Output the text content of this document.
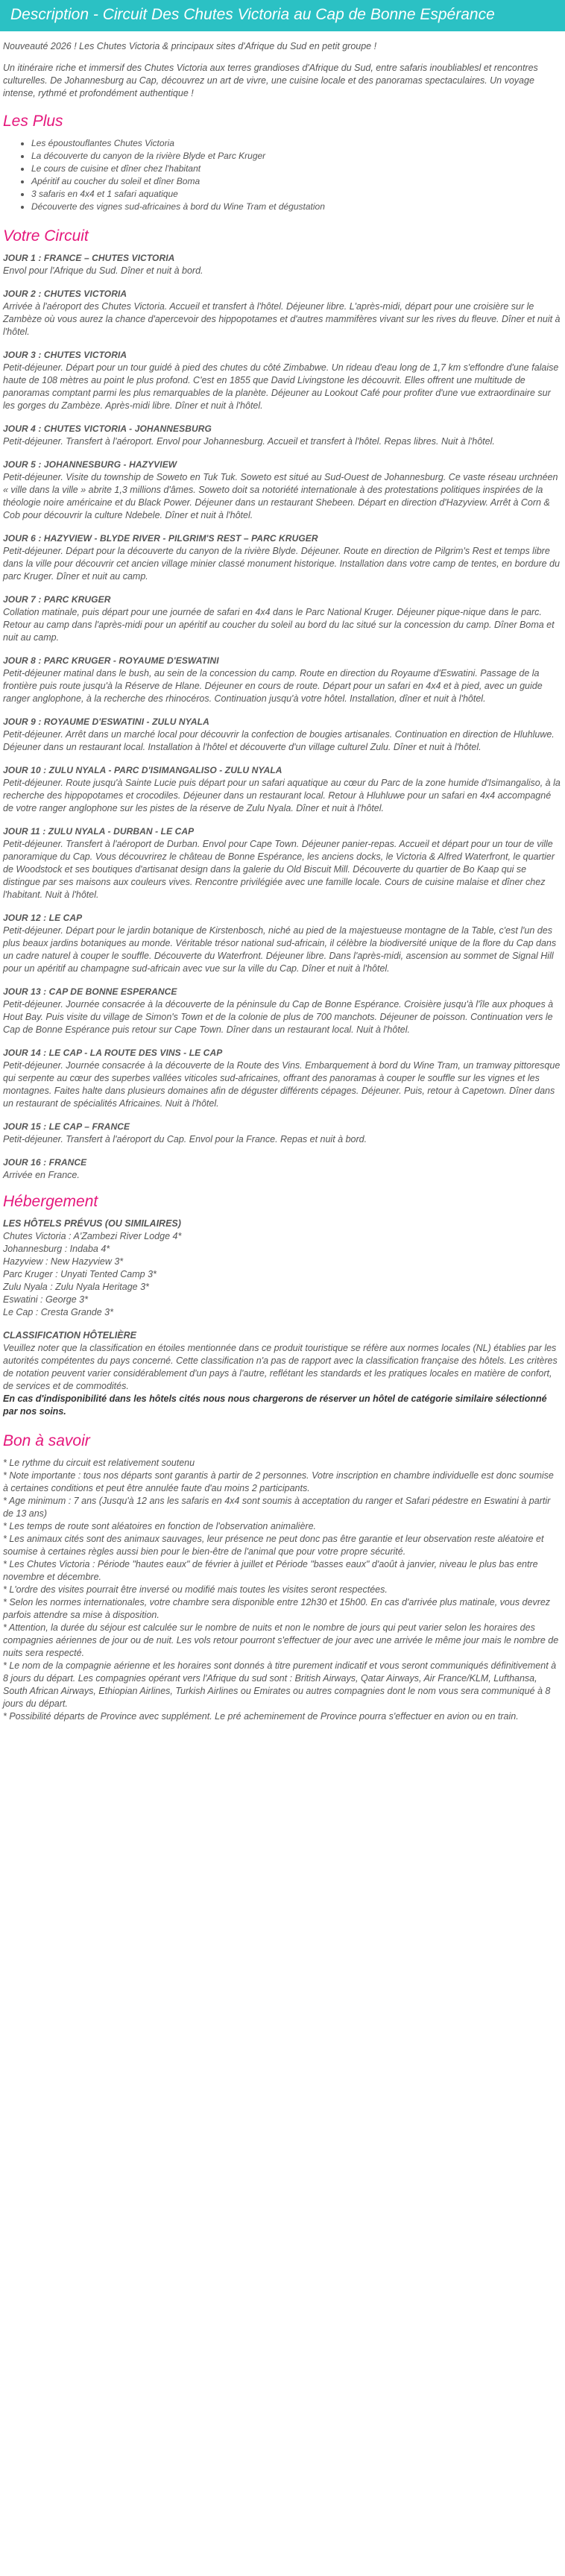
Description - Circuit Des Chutes Victoria au Cap de Bonne Espérance

Nouveauté 2026 ! Les Chutes Victoria & principaux sites d'Afrique du Sud en petit groupe !

Un itinéraire riche et immersif des Chutes Victoria aux terres grandioses d'Afrique du Sud, entre safaris inoubliablesl et rencontres culturelles. De Johannesburg au Cap, découvrez un art de vivre, une cuisine locale et des panoramas spectaculaires. Un voyage intense, rythmé et profondément authentique !

Les Plus
• Les époustouflantes Chutes Victoria
• La découverte du canyon de la rivière Blyde et Parc Kruger
• Le cours de cuisine et dîner chez l'habitant
• Apéritif au coucher du soleil et dîner Boma
• 3 safaris en 4x4 et 1 safari aquatique
• Découverte des vignes sud-africaines à bord du Wine Tram et dégustation
Votre Circuit

JOUR 1 : FRANCE – CHUTES VICTORIA

Envol pour l'Afrique du Sud. Dîner et nuit à bord.

JOUR 2 : CHUTES VICTORIA

Arrivée à l'aéroport des Chutes Victoria. Accueil et transfert à l'hôtel. Déjeuner libre. L'après-midi, départ pour une croisière sur le Zambèze où vous aurez la chance d'apercevoir des hippopotames et d'autres mammifères vivant sur les rives du fleuve. Dîner et nuit à l'hôtel.

JOUR 3 : CHUTES VICTORIA

Petit-déjeuner. Départ pour un tour guidé à pied des chutes du côté Zimbabwe. Un rideau d'eau long de 1,7 km s'effondre d'une falaise haute de 108 mètres au point le plus profond. C'est en 1855 que David Livingstone les découvrit. Elles offrent une multitude de panoramas comptant parmi les plus remarquables de la planète. Déjeuner au Lookout Café pour profiter d'une vue extraordinaire sur les gorges du Zambèze. Après-midi libre. Dîner et nuit à l'hôtel.

JOUR 4 : CHUTES VICTORIA - JOHANNESBURG

Petit-déjeuner. Transfert à l'aéroport. Envol pour Johannesburg. Accueil et transfert à l'hôtel. Repas libres. Nuit à l'hôtel.

JOUR 5 : JOHANNESBURG - HAZYVIEW

Petit-déjeuner. Visite du township de Soweto en Tuk Tuk. Soweto est situé au Sud-Ouest de Johannesburg. Ce vaste réseau urchnéen « ville dans la ville » abrite 1,3 millions d'âmes. Soweto doit sa notoriété internationale à des protestations politiques inspirées de la théologie noire américaine et du Black Power. Déjeuner dans un restaurant Shebeen. Départ en direction d'Hazyview. Arrêt à Corn & Cob pour découvrir la culture Ndebele. Dîner et nuit à l'hôtel.

JOUR 6 : HAZYVIEW - BLYDE RIVER - PILGRIM'S REST – PARC KRUGER

Petit-déjeuner. Départ pour la découverte du canyon de la rivière Blyde. Déjeuner. Route en direction de Pilgrim's Rest et temps libre dans la ville pour découvrir cet ancien village minier classé monument historique. Installation dans votre camp de tentes, en bordure du parc Kruger. Dîner et nuit au camp.

JOUR 7 : PARC KRUGER

Collation matinale, puis départ pour une journée de safari en 4x4 dans le Parc National Kruger. Déjeuner pique-nique dans le parc. Retour au camp dans l'après-midi pour un apéritif au coucher du soleil au bord du lac situé sur la concession du camp. Dîner Boma et nuit au camp.

JOUR 8 : PARC KRUGER - ROYAUME D'ESWATINI

Petit-déjeuner matinal dans le bush, au sein de la concession du camp. Route en direction du Royaume d'Eswatini. Passage de la frontière puis route jusqu'à la Réserve de Hlane. Déjeuner en cours de route. Départ pour un safari en 4x4 et à pied, avec un guide ranger anglophone, à la recherche des rhinocéros. Continuation jusqu'à votre hôtel. Installation, dîner et nuit à l'hôtel.

JOUR 9 : ROYAUME D'ESWATINI - ZULU NYALA

Petit-déjeuner. Arrêt dans un marché local pour découvrir la confection de bougies artisanales. Continuation en direction de Hluhluwe. Déjeuner dans un restaurant local. Installation à l'hôtel et découverte d'un village culturel Zulu. Dîner et nuit à l'hôtel.

JOUR 10 : ZULU NYALA - PARC D'ISIMANGALISO - ZULU NYALA

Petit-déjeuner. Route jusqu'à Sainte Lucie puis départ pour un safari aquatique au cœur du Parc de la zone humide d'Isimangaliso, à la recherche des hippopotames et crocodiles. Déjeuner dans un restaurant local. Retour à Hluhluwe pour un safari en 4x4 accompagné de votre ranger anglophone sur les pistes de la réserve de Zulu Nyala. Dîner et nuit à l'hôtel.

JOUR 11 : ZULU NYALA - DURBAN - LE CAP

Petit-déjeuner. Transfert à l'aéroport de Durban. Envol pour Cape Town. Déjeuner panier-repas. Accueil et départ pour un tour de ville panoramique du Cap. Vous découvrirez le château de Bonne Espérance, les anciens docks, le Victoria & Alfred Waterfront, le quartier de Woodstock et ses boutiques d'artisanat design dans la galerie du Old Biscuit Mill. Découverte du quartier de Bo Kaap qui se distingue par ses maisons aux couleurs vives. Rencontre privilégiée avec une famille locale. Cours de cuisine malaise et dîner chez l'habitant. Nuit à l'hôtel.

JOUR 12 : LE CAP

Petit-déjeuner. Départ pour le jardin botanique de Kirstenbosch, niché au pied de la majestueuse montagne de la Table, c'est l'un des plus beaux jardins botaniques au monde. Véritable trésor national sud-africain, il célèbre la biodiversité unique de la flore du Cap dans un cadre naturel à couper le souffle. Découverte du Waterfront. Déjeuner libre. Dans l'après-midi, ascension au sommet de Signal Hill pour un apéritif au champagne sud-africain avec vue sur la ville du Cap. Dîner et nuit à l'hôtel.

JOUR 13 : CAP DE BONNE ESPERANCE

Petit-déjeuner. Journée consacrée à la découverte de la péninsule du Cap de Bonne Espérance. Croisière jusqu'à l'île aux phoques à Hout Bay. Puis visite du village de Simon's Town et de la colonie de plus de 700 manchots. Déjeuner de poisson. Continuation vers le Cap de Bonne Espérance puis retour sur Cape Town. Dîner dans un restaurant local. Nuit à l'hôtel.

JOUR 14 : LE CAP - LA ROUTE DES VINS - LE CAP

Petit-déjeuner. Journée consacrée à la découverte de la Route des Vins. Embarquement à bord du Wine Tram, un tramway pittoresque qui serpente au cœur des superbes vallées viticoles sud-africaines, offrant des panoramas à couper le souffle sur les vignes et les montagnes. Faites halte dans plusieurs domaines afin de déguster différents cépages. Déjeuner. Puis, retour à Capetown. Dîner dans un restaurant de spécialités Africaines. Nuit à l'hôtel.

JOUR 15 : LE CAP – FRANCE

Petit-déjeuner. Transfert à l'aéroport du Cap. Envol pour la France. Repas et nuit à bord.

JOUR 16 : FRANCE

Arrivée en France.

Hébergement

LES HÔTELS PRÉVUS (OU SIMILAIRES)

Chutes Victoria : A'Zambezi River Lodge 4*

Johannesburg : Indaba 4*

Hazyview : New Hazyview 3*

Parc Kruger : Unyati Tented Camp 3*

Zulu Nyala : Zulu Nyala Heritage 3*

Eswatini : George 3*

Le Cap : Cresta Grande 3*

CLASSIFICATION HÔTELIÈRE

Veuillez noter que la classification en étoiles mentionnée dans ce produit touristique se réfère aux normes locales (NL) établies par les autorités compétentes du pays concerné. Cette classification n'a pas de rapport avec la classification française des hôtels. Les critères de notation peuvent varier considérablement d'un pays à l'autre, reflétant les standards et les pratiques locales en matière de confort, de services et de commodités.

En cas d'indisponibilité dans les hôtels cités nous nous chargerons de réserver un hôtel de catégorie similaire sélectionné par nos soins.

Bon à savoir

* Le rythme du circuit est relativement soutenu

* Note importante : tous nos départs sont garantis à partir de 2 personnes. Votre inscription en chambre individuelle est donc soumise à certaines conditions et peut être annulée faute d'au moins 2 participants.

* Age minimum : 7 ans (Jusqu'à 12 ans les safaris en 4x4 sont soumis à acceptation du ranger et Safari pédestre en Eswatini à partir de 13 ans)

* Les temps de route sont aléatoires en fonction de l'observation animalière.

* Les animaux cités sont des animaux sauvages, leur présence ne peut donc pas être garantie et leur observation reste aléatoire et soumise à certaines règles aussi bien pour le bien-être de l'animal que pour votre propre sécurité.

* Les Chutes Victoria : Période "hautes eaux" de février à juillet et Période "basses eaux" d'août à janvier, niveau le plus bas entre novembre et décembre.

* L'ordre des visites pourrait être inversé ou modifié mais toutes les visites seront respectées.

* Selon les normes internationales, votre chambre sera disponible entre 12h30 et 15h00. En cas d'arrivée plus matinale, vous devrez parfois attendre sa mise à disposition.

* Attention, la durée du séjour est calculée sur le nombre de nuits et non le nombre de jours qui peut varier selon les horaires des compagnies aériennes de jour ou de nuit. Les vols retour pourront s'effectuer de jour avec une arrivée le même jour mais le nombre de nuits sera respecté.

* Le nom de la compagnie aérienne et les horaires sont donnés à titre purement indicatif et vous seront communiqués définitivement à 8 jours du départ. Les compagnies opérant vers l'Afrique du sud sont : British Airways, Qatar Airways, Air France/KLM, Lufthansa, South African Airways, Ethiopian Airlines, Turkish Airlines ou Emirates ou autres compagnies dont le nom vous sera communiqué à 8 jours du départ.

* Possibilité départs de Province avec supplément. Le pré acheminement de Province pourra s'effectuer en avion ou en train.
